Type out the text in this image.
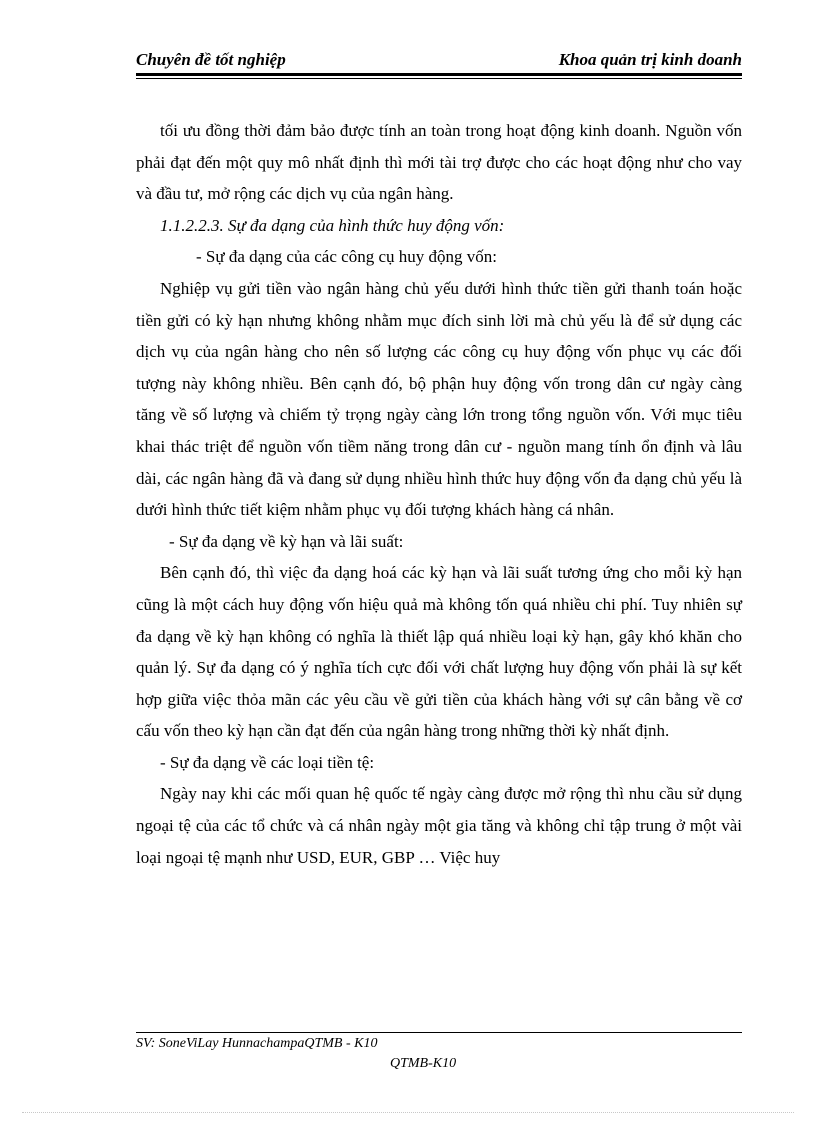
Chuyên đề tốt nghiệp	Khoa quản trị kinh doanh

tối ưu đồng thời đảm bảo được tính an toàn trong hoạt động kinh doanh. Nguồn vốn phải đạt đến một quy mô nhất định thì mới tài trợ được cho các hoạt động như cho vay và đầu tư, mở rộng các dịch vụ của ngân hàng.

1.1.2.2.3. Sự đa dạng của hình thức huy động vốn:

- Sự đa dạng của các công cụ huy động vốn:

Nghiệp vụ gửi tiền vào ngân hàng chủ yếu dưới hình thức tiền gửi thanh toán hoặc tiền gửi có kỳ hạn nhưng không nhằm mục đích sinh lời mà chủ yếu là để sử dụng các dịch vụ của ngân hàng cho nên số lượng các công cụ huy động vốn phục vụ các đối tượng này không nhiều. Bên cạnh đó, bộ phận huy động vốn trong dân cư ngày càng tăng về số lượng và chiếm tỷ trọng ngày càng lớn trong tổng nguồn vốn. Với mục tiêu khai thác triệt để nguồn vốn tiềm năng trong dân cư - nguồn mang tính ổn định và lâu dài, các ngân hàng đã và đang sử dụng nhiều hình thức huy động vốn đa dạng chủ yếu là dưới hình thức tiết kiệm nhằm phục vụ đối tượng khách hàng cá nhân.

- Sự đa dạng về kỳ hạn và lãi suất:

Bên cạnh đó, thì việc đa dạng hoá các kỳ hạn và lãi suất tương ứng cho mỗi kỳ hạn cũng là một cách huy động vốn hiệu quả mà không tốn quá nhiều chi phí. Tuy nhiên sự đa dạng về kỳ hạn không có nghĩa là thiết lập quá nhiều loại kỳ hạn, gây khó khăn cho quản lý. Sự đa dạng có ý nghĩa tích cực đối với chất lượng huy động vốn phải là sự kết hợp giữa việc thỏa mãn các yêu cầu về gửi tiền của khách hàng với sự cân bằng về cơ cấu vốn theo kỳ hạn cần đạt đến của ngân hàng trong những thời kỳ nhất định.

- Sự đa dạng về các loại tiền tệ:

Ngày nay khi các mối quan hệ quốc tế ngày càng được mở rộng thì nhu cầu sử dụng ngoại tệ của các tổ chức và cá nhân ngày một gia tăng và không chỉ tập trung ở một vài loại ngoại tệ mạnh như USD, EUR, GBP … Việc huy

SV: SoneViLay HunnachampaQTMB - K10
QTMB-K10
